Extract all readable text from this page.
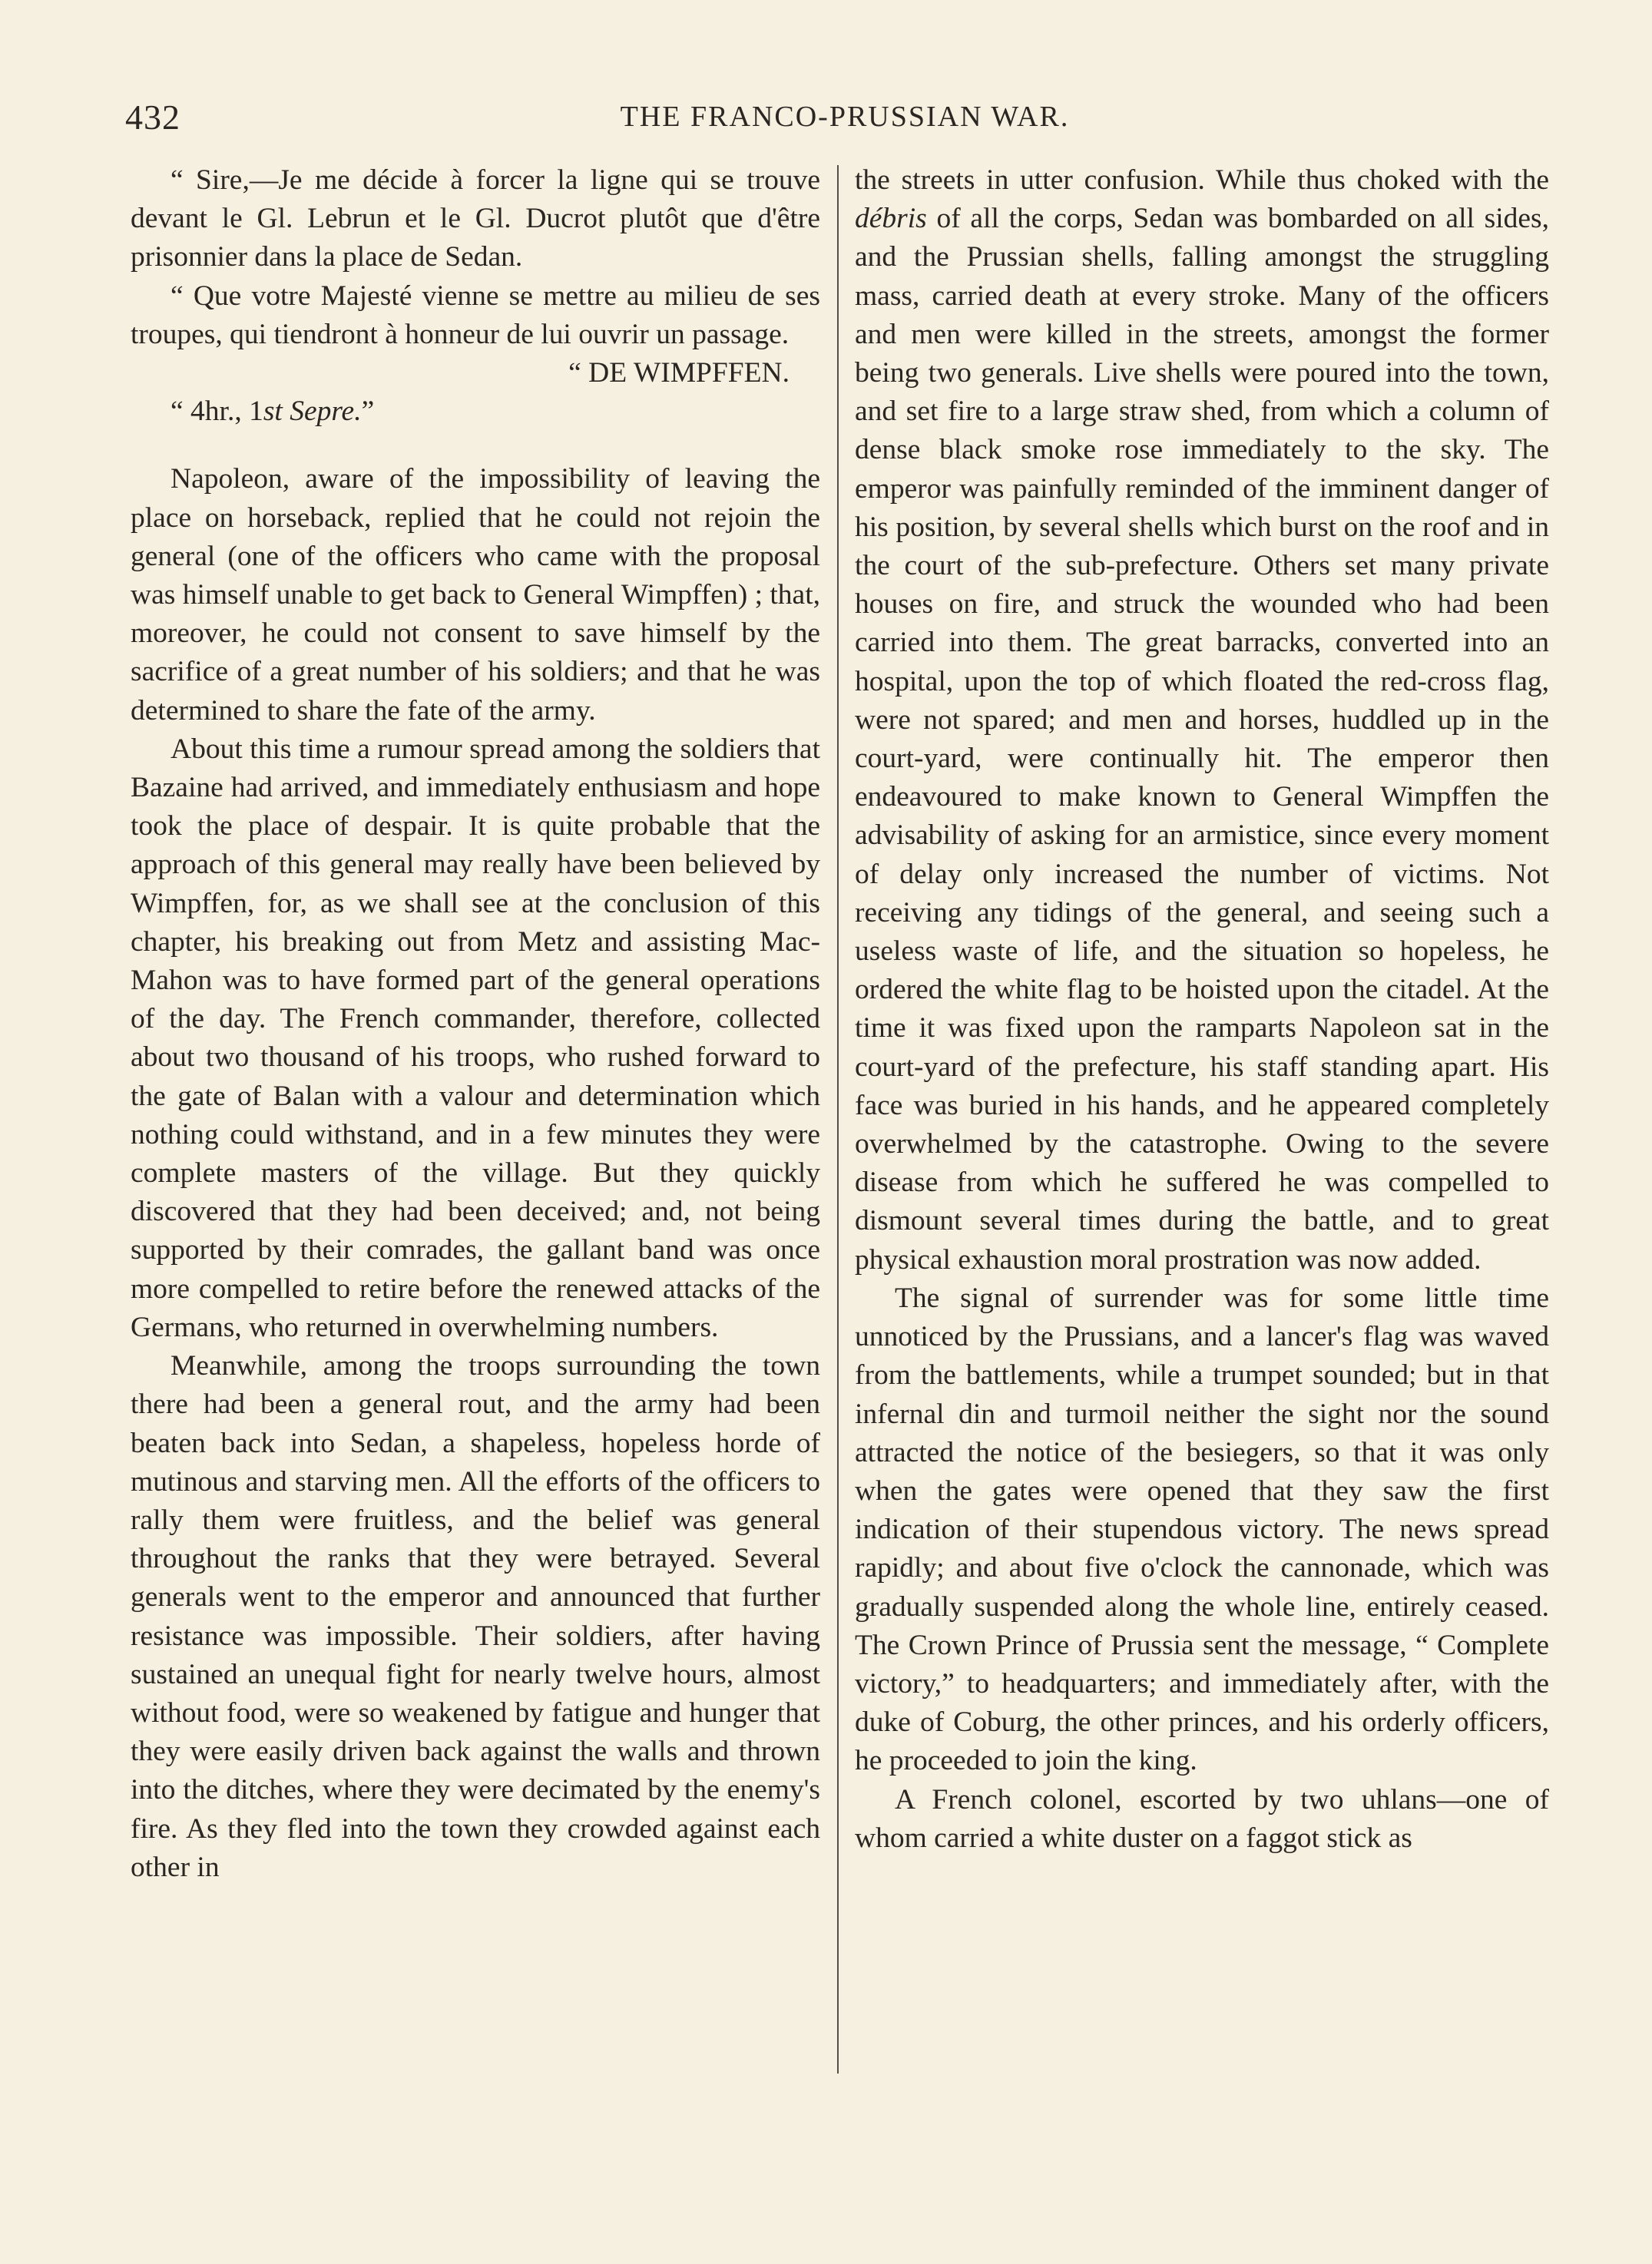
432	THE FRANCO-PRUSSIAN WAR.

“ Sire,—Je me décide à forcer la ligne qui se trouve devant le Gl. Lebrun et le Gl. Ducrot plutôt que d'être prisonnier dans la place de Sedan.

“ Que votre Majesté vienne se mettre au milieu de ses troupes, qui tiendront à honneur de lui ouvrir un passage.

“ DE WIMPFFEN.

“ 4hr., 1st Sepre.”

Napoleon, aware of the impossibility of leaving the place on horseback, replied that he could not rejoin the general (one of the officers who came with the proposal was himself unable to get back to General Wimpffen) ; that, moreover, he could not consent to save himself by the sacrifice of a great number of his soldiers; and that he was determined to share the fate of the army.

About this time a rumour spread among the soldiers that Bazaine had arrived, and immediately enthusiasm and hope took the place of despair. It is quite probable that the approach of this general may really have been believed by Wimpffen, for, as we shall see at the conclusion of this chapter, his breaking out from Metz and assisting Mac-Mahon was to have formed part of the general operations of the day. The French commander, therefore, collected about two thousand of his troops, who rushed forward to the gate of Balan with a valour and determination which nothing could withstand, and in a few minutes they were complete masters of the village. But they quickly discovered that they had been deceived; and, not being supported by their comrades, the gallant band was once more compelled to retire before the renewed attacks of the Germans, who returned in overwhelming numbers.

Meanwhile, among the troops surrounding the town there had been a general rout, and the army had been beaten back into Sedan, a shapeless, hopeless horde of mutinous and starving men. All the efforts of the officers to rally them were fruitless, and the belief was general throughout the ranks that they were betrayed. Several generals went to the emperor and announced that further resistance was impossible. Their soldiers, after having sustained an unequal fight for nearly twelve hours, almost without food, were so weakened by fatigue and hunger that they were easily driven back against the walls and thrown into the ditches, where they were decimated by the enemy's fire. As they fled into the town they crowded against each other in

the streets in utter confusion. While thus choked with the débris of all the corps, Sedan was bombarded on all sides, and the Prussian shells, falling amongst the struggling mass, carried death at every stroke. Many of the officers and men were killed in the streets, amongst the former being two generals. Live shells were poured into the town, and set fire to a large straw shed, from which a column of dense black smoke rose immediately to the sky. The emperor was painfully reminded of the imminent danger of his position, by several shells which burst on the roof and in the court of the sub-prefecture. Others set many private houses on fire, and struck the wounded who had been carried into them. The great barracks, converted into an hospital, upon the top of which floated the red-cross flag, were not spared; and men and horses, huddled up in the court-yard, were continually hit. The emperor then endeavoured to make known to General Wimpffen the advisability of asking for an armistice, since every moment of delay only increased the number of victims. Not receiving any tidings of the general, and seeing such a useless waste of life, and the situation so hopeless, he ordered the white flag to be hoisted upon the citadel. At the time it was fixed upon the ramparts Napoleon sat in the court-yard of the prefecture, his staff standing apart. His face was buried in his hands, and he appeared completely overwhelmed by the catastrophe. Owing to the severe disease from which he suffered he was compelled to dismount several times during the battle, and to great physical exhaustion moral prostration was now added.

The signal of surrender was for some little time unnoticed by the Prussians, and a lancer's flag was waved from the battlements, while a trumpet sounded; but in that infernal din and turmoil neither the sight nor the sound attracted the notice of the besiegers, so that it was only when the gates were opened that they saw the first indication of their stupendous victory. The news spread rapidly; and about five o'clock the cannonade, which was gradually suspended along the whole line, entirely ceased. The Crown Prince of Prussia sent the message, “ Complete victory,” to headquarters; and immediately after, with the duke of Coburg, the other princes, and his orderly officers, he proceeded to join the king.

A French colonel, escorted by two uhlans—one of whom carried a white duster on a faggot stick as
